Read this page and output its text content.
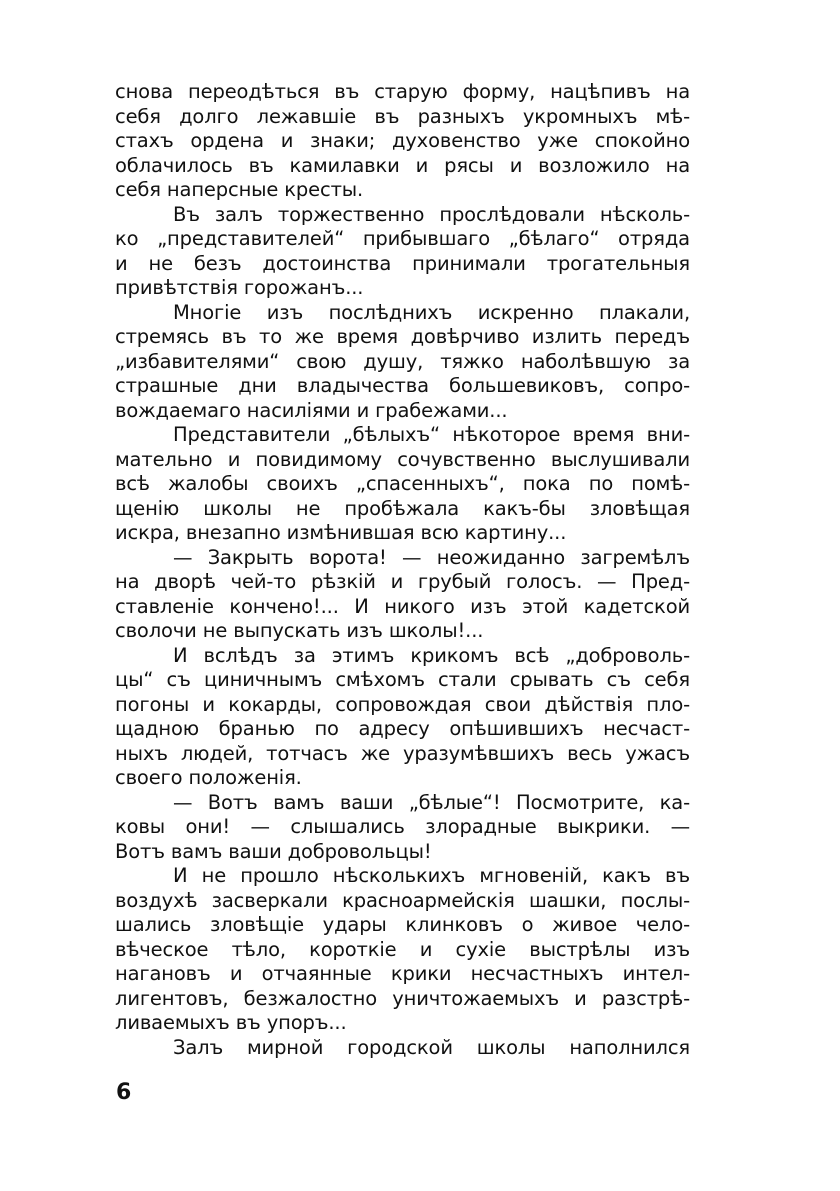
снова переодѣться въ старую форму, нацѣпивъ на
себя долго лежавшіе въ разныхъ укромныхъ мѣ-
стахъ ордена и знаки; духовенство уже спокойно
облачилось въ камилавки и рясы и возложило на
себя наперсные кресты.
Въ залъ торжественно прослѣдовали нѣсколь-
ко „представителей“ прибывшаго „бѣлаго“ отряда
и не безъ достоинства принимали трогательныя
привѣтствія горожанъ...
Многіе изъ послѣднихъ искренно плакали,
стремясь въ то же время довѣрчиво излить передъ
„избавителями“ свою душу, тяжко наболѣвшую за
страшные дни владычества большевиковъ, сопро-
вождаемаго насиліями и грабежами...
Представители „бѣлыхъ“ нѣкоторое время вни-
мательно и повидимому сочувственно выслушивали
всѣ жалобы своихъ „спасенныхъ“, пока по помѣ-
щенію школы не пробѣжала какъ-бы зловѣщая
искра, внезапно измѣнившая всю картину...
— Закрыть ворота! — неожиданно загремѣлъ
на дворѣ чей-то рѣзкій и грубый голосъ. — Пред-
ставленіе кончено!... И никого изъ этой кадетской
сволочи не выпускать изъ школы!...
И вслѣдъ за этимъ крикомъ всѣ „доброволь-
цы“ съ циничнымъ смѣхомъ стали срывать съ себя
погоны и кокарды, сопровождая свои дѣйствія пло-
щадною бранью по адресу опѣшившихъ несчаст-
ныхъ людей, тотчасъ же уразумѣвшихъ весь ужасъ
своего положенія.
— Вотъ вамъ ваши „бѣлые“! Посмотрите, ка-
ковы они! — слышались злорадные выкрики. —
Вотъ вамъ ваши добровольцы!
И не прошло нѣсколькихъ мгновеній, какъ въ
воздухѣ засверкали красноармейскія шашки, послы-
шались зловѣщіе удары клинковъ о живое чело-
вѣческое тѣло, короткіе и сухіе выстрѣлы изъ
нагановъ и отчаянные крики несчастныхъ интел-
лигентовъ, безжалостно уничтожаемыхъ и разстрѣ-
ливаемыхъ въ упоръ...
Залъ мирной городской школы наполнился
6
